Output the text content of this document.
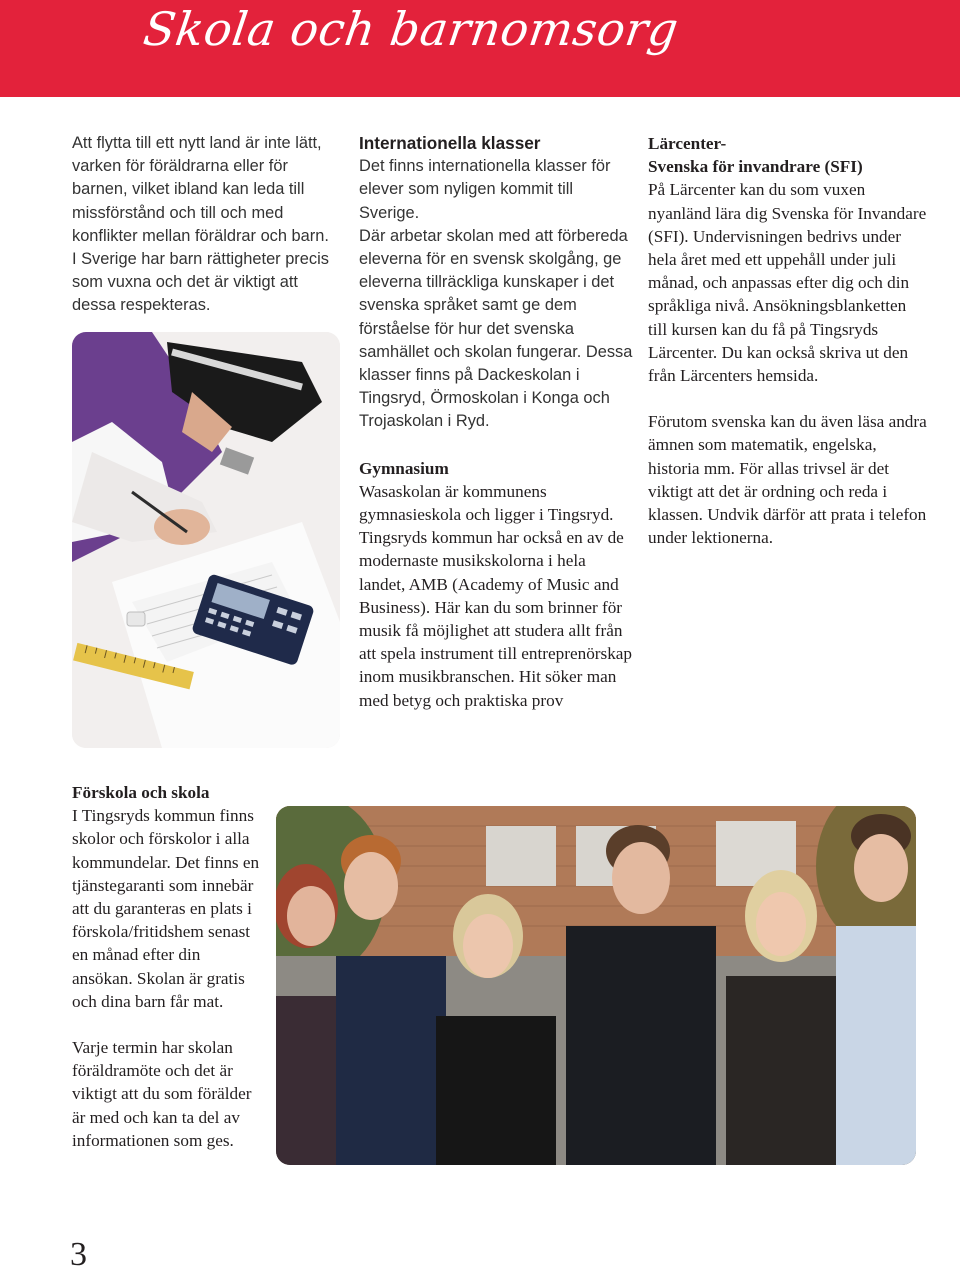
Skola och barnomsorg

Att flytta till ett nytt land är inte lätt, varken för föräldrarna eller för barnen, vilket ibland kan leda till missförstånd och till och med konflikter mellan föräldrar och barn. I Sverige har barn rättigheter precis som vuxna och det är viktigt att dessa respekteras.

Internationella klasser

Det finns internationella klasser för elever som nyligen kommit till Sverige.

Där arbetar skolan med att förbereda eleverna för en svensk skolgång, ge eleverna tillräckliga kunskaper i det svenska språket samt ge dem förståelse för hur det svenska samhället och skolan fungerar. Dessa klasser finns på Dackeskolan i Tingsryd, Örmoskolan i Konga och Trojaskolan i Ryd.

Gymnasium

Wasaskolan är kommunens gymnasieskola och ligger i Tingsryd. Tingsryds kommun har också en av de modernaste musikskolorna i hela landet, AMB (Academy of Music and Business). Här kan du som brinner för musik få möjlighet att studera allt från att spela instrument till entreprenörskap inom musikbranschen. Hit söker man med betyg och praktiska prov

Lärcenter-
Svenska för invandrare (SFI)

På Lärcenter kan du som vuxen nyanländ lära dig Svenska för Invandare (SFI). Undervisningen bedrivs under hela året med ett uppehåll under juli månad, och anpassas efter dig och din språkliga nivå. Ansökningsblanketten till kursen kan du få på Tingsryds Lärcenter. Du kan också skriva ut den från Lärcenters hemsida.

Förutom svenska kan du även läsa andra ämnen som matematik, engelska, historia mm. För allas trivsel är det viktigt att det är ordning och reda i klassen. Undvik därför att prata i telefon under lektionerna.

Förskola och skola

I Tingsryds kommun finns skolor och förskolor i alla kommundelar. Det finns en tjänstegaranti som innebär att du garanteras en plats i förskola/fritidshem senast en månad efter din ansökan. Skolan är gratis och dina barn får mat.

Varje termin har skolan föräldramöte och det är viktigt att du som förälder är med och kan ta del av informationen som ges.

3
